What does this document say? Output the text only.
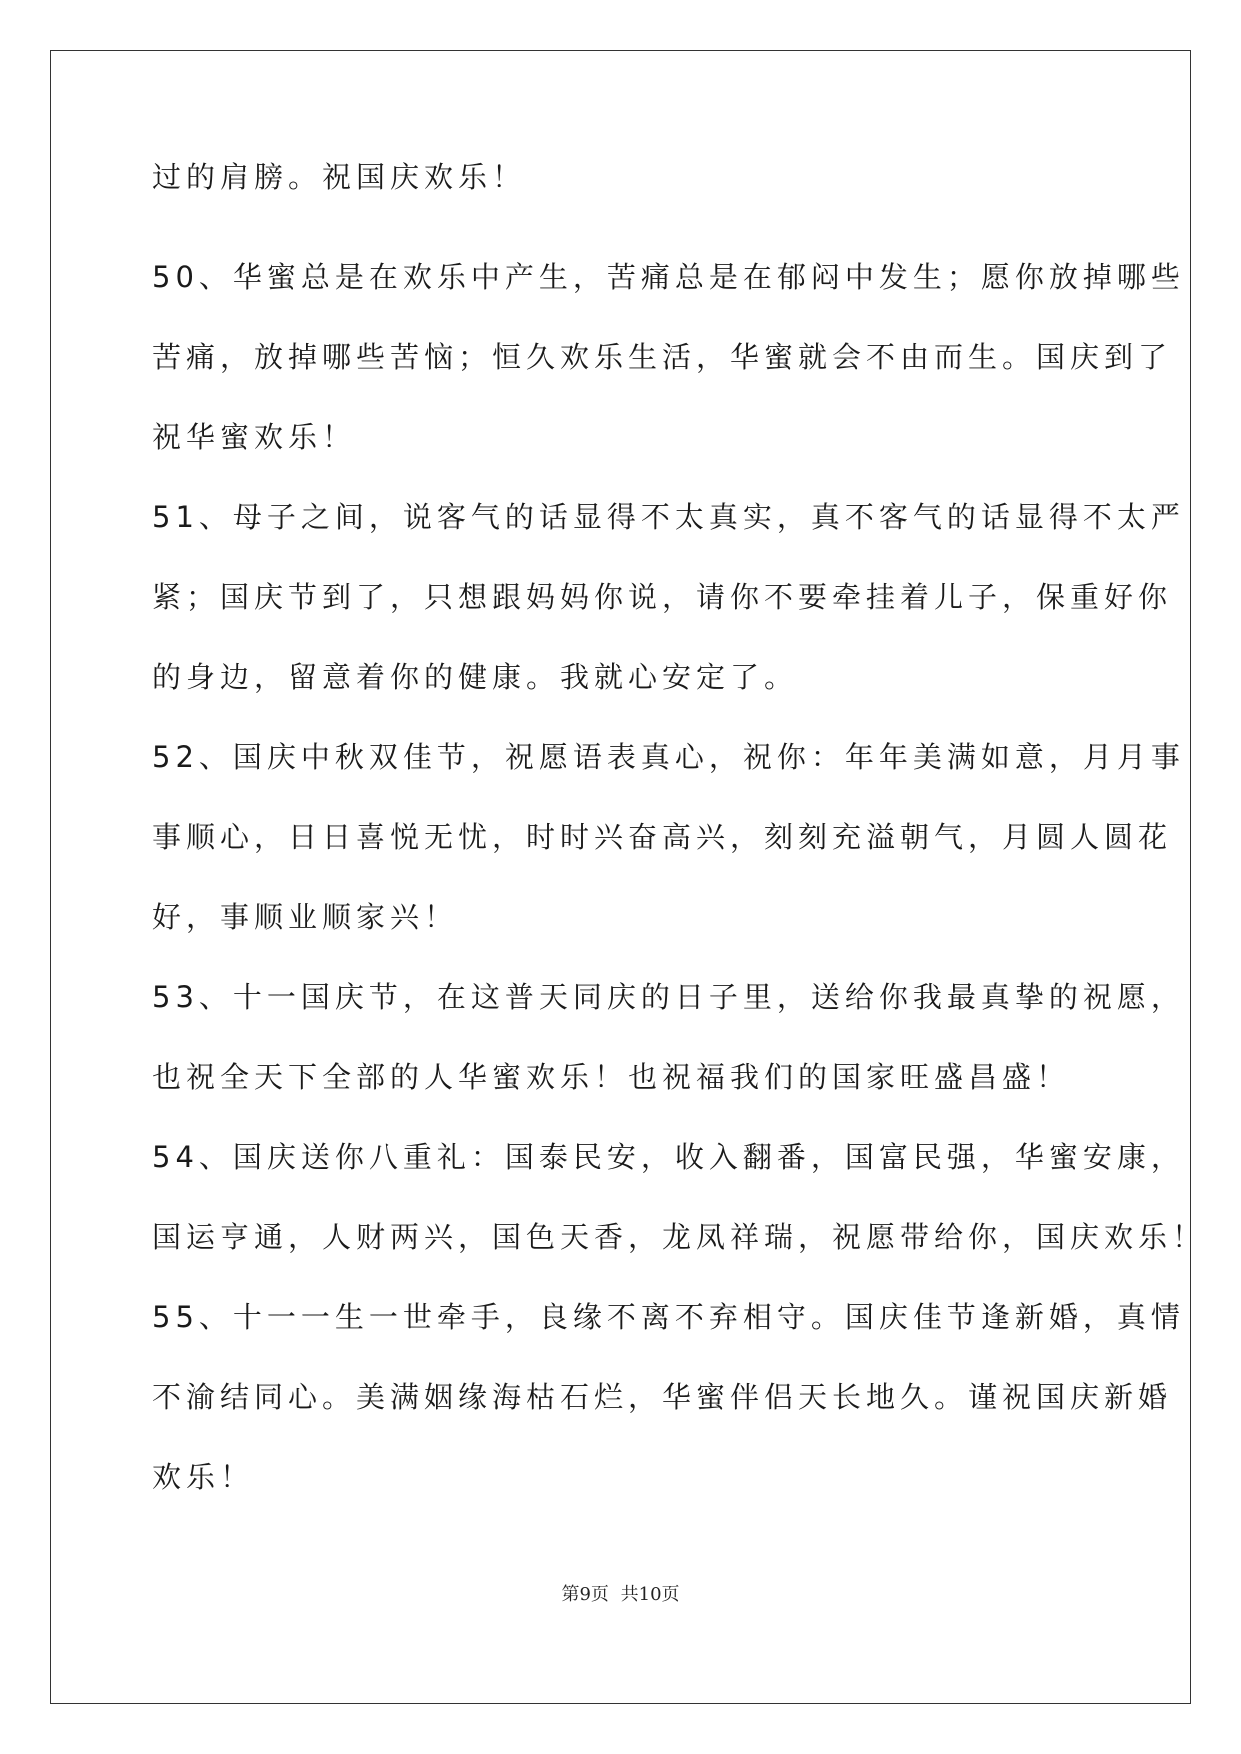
过的肩膀。祝国庆欢乐！
50、华蜜总是在欢乐中产生，苦痛总是在郁闷中发生；愿你放掉哪些
苦痛，放掉哪些苦恼；恒久欢乐生活，华蜜就会不由而生。国庆到了
祝华蜜欢乐！
51、母子之间，说客气的话显得不太真实，真不客气的话显得不太严
紧；国庆节到了，只想跟妈妈你说，请你不要牵挂着儿子，保重好你
的身边，留意着你的健康。我就心安定了。
52、国庆中秋双佳节，祝愿语表真心，祝你：年年美满如意，月月事
事顺心，日日喜悦无忧，时时兴奋高兴，刻刻充溢朝气，月圆人圆花
好，事顺业顺家兴！
53、十一国庆节，在这普天同庆的日子里，送给你我最真挚的祝愿，
也祝全天下全部的人华蜜欢乐！也祝福我们的国家旺盛昌盛！
54、国庆送你八重礼：国泰民安，收入翻番，国富民强，华蜜安康，
国运亨通，人财两兴，国色天香，龙凤祥瑞，祝愿带给你，国庆欢乐！
55、十一一生一世牵手，良缘不离不弃相守。国庆佳节逢新婚，真情
不渝结同心。美满姻缘海枯石烂，华蜜伴侣天长地久。谨祝国庆新婚
欢乐！
第9页 共10页
